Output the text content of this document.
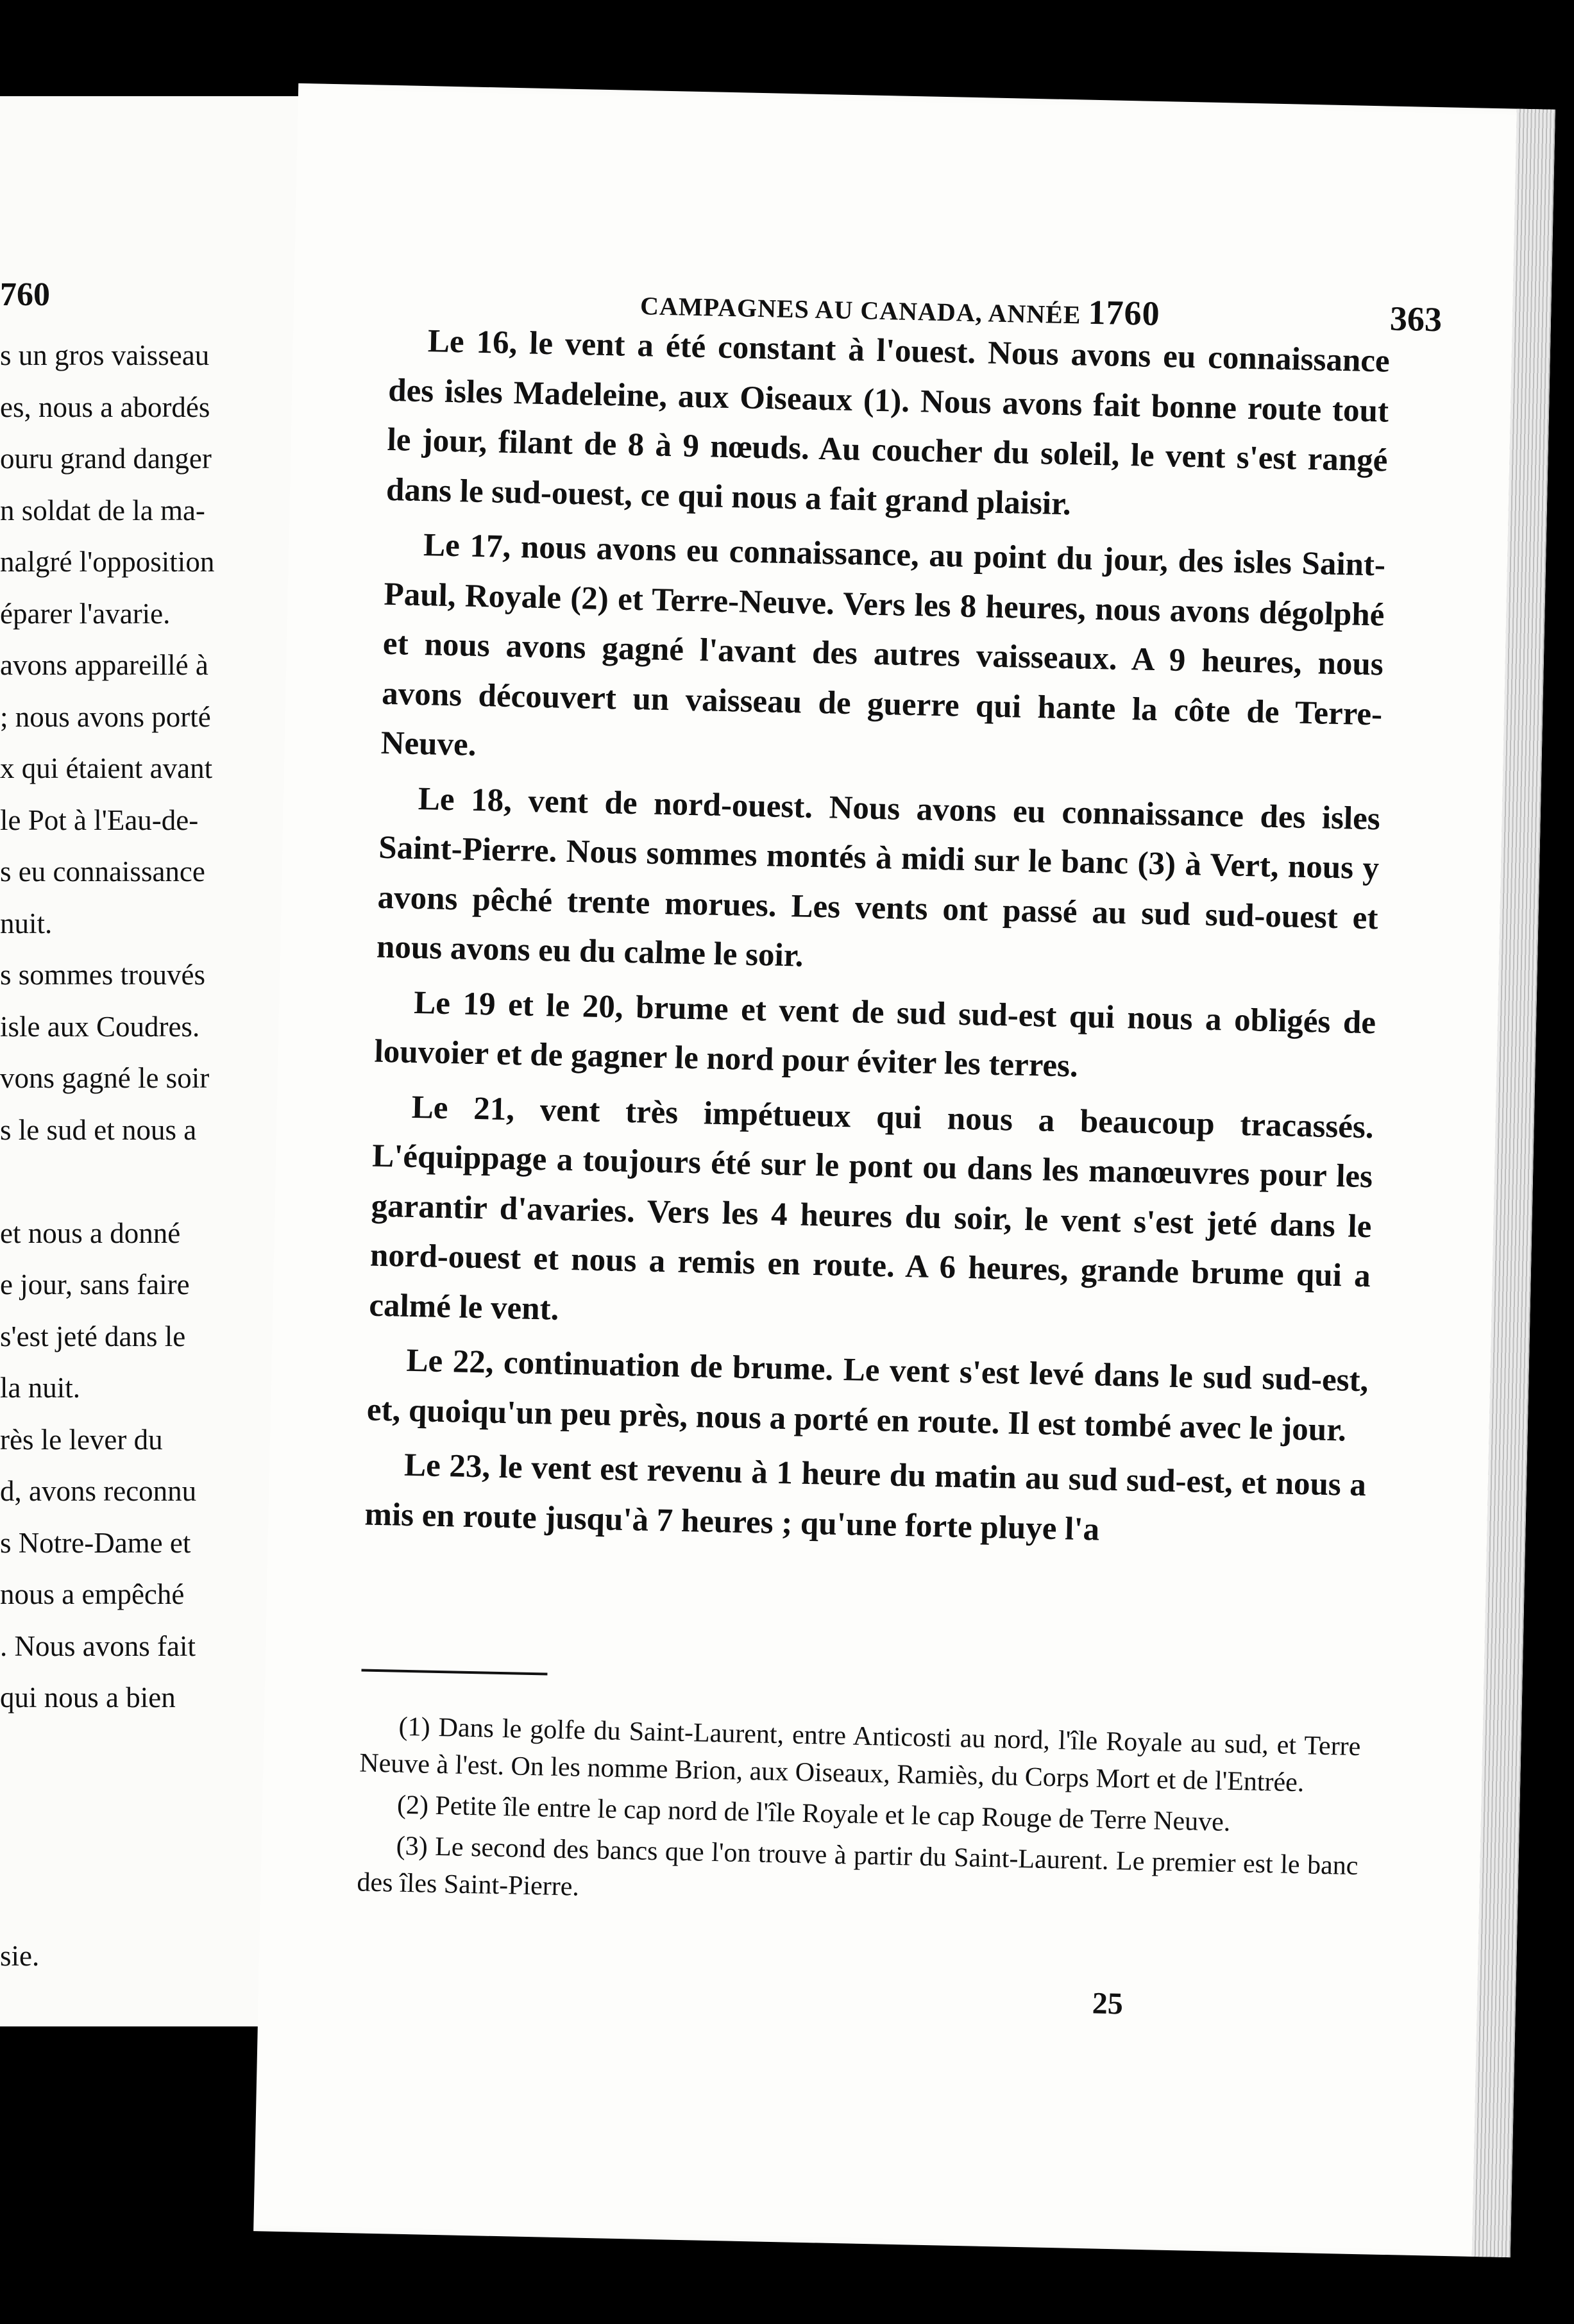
760
s un gros vaisseau
es, nous a abordés
ouru grand danger
n soldat de la ma-
nalgré l'opposition
éparer l'avarie.
avons appareillé à
; nous avons porté
x qui étaient avant
le Pot à l'Eau-de-
s eu connaissance
nuit.
s sommes trouvés
isle aux Coudres.
vons gagné le soir
s le sud et nous a
et nous a donné
e jour, sans faire
s'est jeté dans le
la nuit.
rès le lever du
d, avons reconnu
s Notre-Dame et
nous a empêché
. Nous avons fait
qui nous a bien
sie.
CAMPAGNES AU CANADA, ANNÉE 1760	363

Le 16, le vent a été constant à l'ouest. Nous avons eu connaissance des isles Madeleine, aux Oiseaux (1). Nous avons fait bonne route tout le jour, filant de 8 à 9 nœuds. Au coucher du soleil, le vent s'est rangé dans le sud-ouest, ce qui nous a fait grand plaisir.

Le 17, nous avons eu connaissance, au point du jour, des isles Saint-Paul, Royale (2) et Terre-Neuve. Vers les 8 heures, nous avons dégolphé et nous avons gagné l'avant des autres vaisseaux. A 9 heures, nous avons découvert un vaisseau de guerre qui hante la côte de Terre-Neuve.

Le 18, vent de nord-ouest. Nous avons eu connaissance des isles Saint-Pierre. Nous sommes montés à midi sur le banc (3) à Vert, nous y avons pêché trente morues. Les vents ont passé au sud sud-ouest et nous avons eu du calme le soir.

Le 19 et le 20, brume et vent de sud sud-est qui nous a obligés de louvoier et de gagner le nord pour éviter les terres.

Le 21, vent très impétueux qui nous a beaucoup tracassés. L'équippage a toujours été sur le pont ou dans les manœuvres pour les garantir d'avaries. Vers les 4 heures du soir, le vent s'est jeté dans le nord-ouest et nous a remis en route. A 6 heures, grande brume qui a calmé le vent.

Le 22, continuation de brume. Le vent s'est levé dans le sud sud-est, et, quoiqu'un peu près, nous a porté en route. Il est tombé avec le jour.

Le 23, le vent est revenu à 1 heure du matin au sud sud-est, et nous a mis en route jusqu'à 7 heures ; qu'une forte pluye l'a

(1) Dans le golfe du Saint-Laurent, entre Anticosti au nord, l'île Royale au sud, et Terre Neuve à l'est. On les nomme Brion, aux Oiseaux, Ramiès, du Corps Mort et de l'Entrée.

(2) Petite île entre le cap nord de l'île Royale et le cap Rouge de Terre Neuve.

(3) Le second des bancs que l'on trouve à partir du Saint-Laurent. Le premier est le banc des îles Saint-Pierre.

25
